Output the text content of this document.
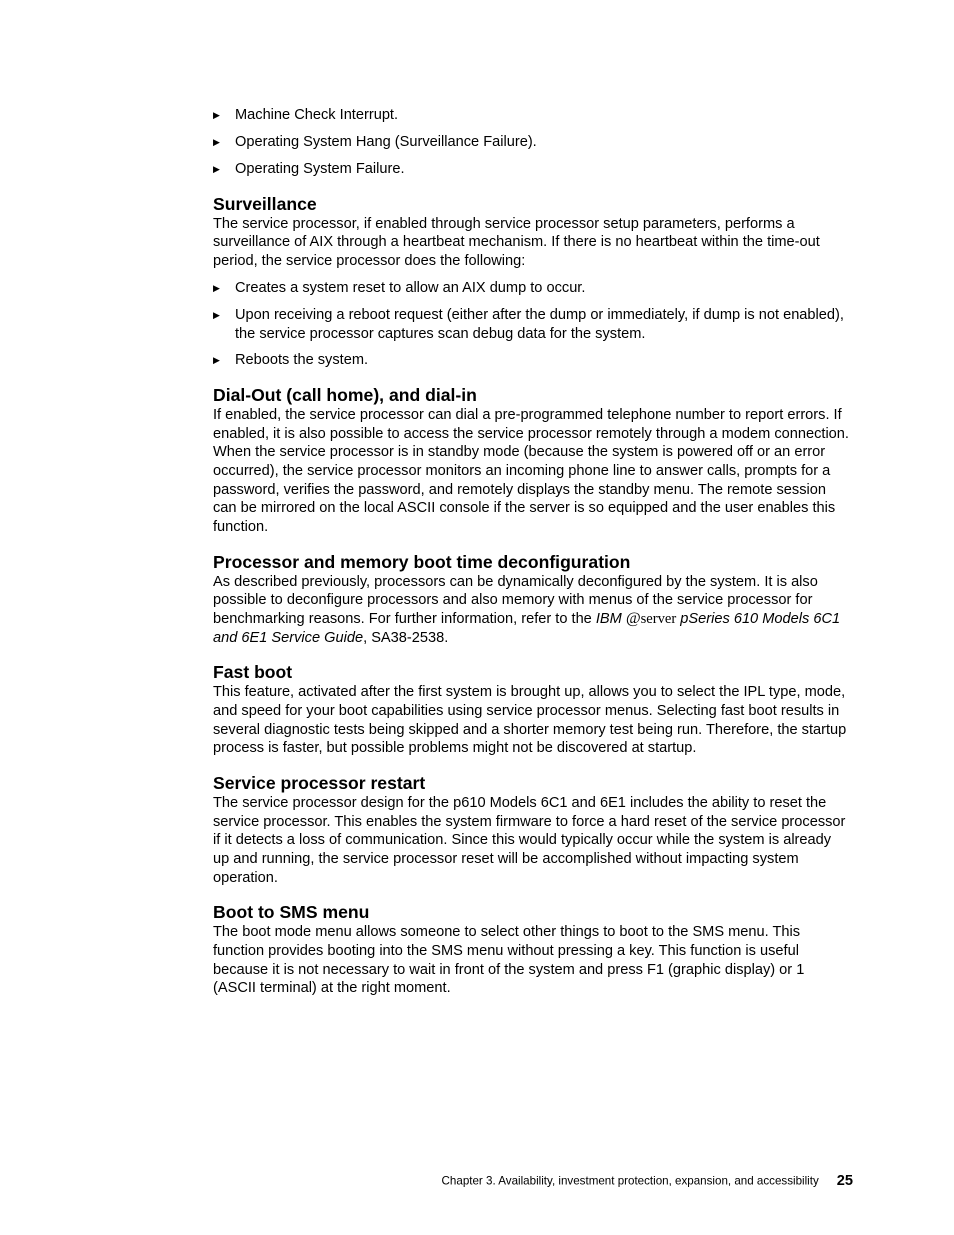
▶ Machine Check Interrupt.
▶ Operating System Hang (Surveillance Failure).
▶ Operating System Failure.
Surveillance

The service processor, if enabled through service processor setup parameters, performs a surveillance of AIX through a heartbeat mechanism. If there is no heartbeat within the time-out period, the service processor does the following:

▶ Creates a system reset to allow an AIX dump to occur.
▶ Upon receiving a reboot request (either after the dump or immediately, if dump is not enabled), the service processor captures scan debug data for the system.
▶ Reboots the system.
Dial-Out (call home), and dial-in

If enabled, the service processor can dial a pre-programmed telephone number to report errors. If enabled, it is also possible to access the service processor remotely through a modem connection. When the service processor is in standby mode (because the system is powered off or an error occurred), the service processor monitors an incoming phone line to answer calls, prompts for a password, verifies the password, and remotely displays the standby menu. The remote session can be mirrored on the local ASCII console if the server is so equipped and the user enables this function.

Processor and memory boot time deconfiguration

As described previously, processors can be dynamically deconfigured by the system. It is also possible to deconfigure processors and also memory with menus of the service processor for benchmarking reasons. For further information, refer to the IBM @server pSeries 610 Models 6C1 and 6E1 Service Guide, SA38-2538.

Fast boot

This feature, activated after the first system is brought up, allows you to select the IPL type, mode, and speed for your boot capabilities using service processor menus. Selecting fast boot results in several diagnostic tests being skipped and a shorter memory test being run. Therefore, the startup process is faster, but possible problems might not be discovered at startup.

Service processor restart

The service processor design for the p610 Models 6C1 and 6E1 includes the ability to reset the service processor. This enables the system firmware to force a hard reset of the service processor if it detects a loss of communication. Since this would typically occur while the system is already up and running, the service processor reset will be accomplished without impacting system operation.

Boot to SMS menu

The boot mode menu allows someone to select other things to boot to the SMS menu. This function provides booting into the SMS menu without pressing a key. This function is useful because it is not necessary to wait in front of the system and press F1 (graphic display) or 1 (ASCII terminal) at the right moment.

Chapter 3. Availability, investment protection, expansion, and accessibility 25
